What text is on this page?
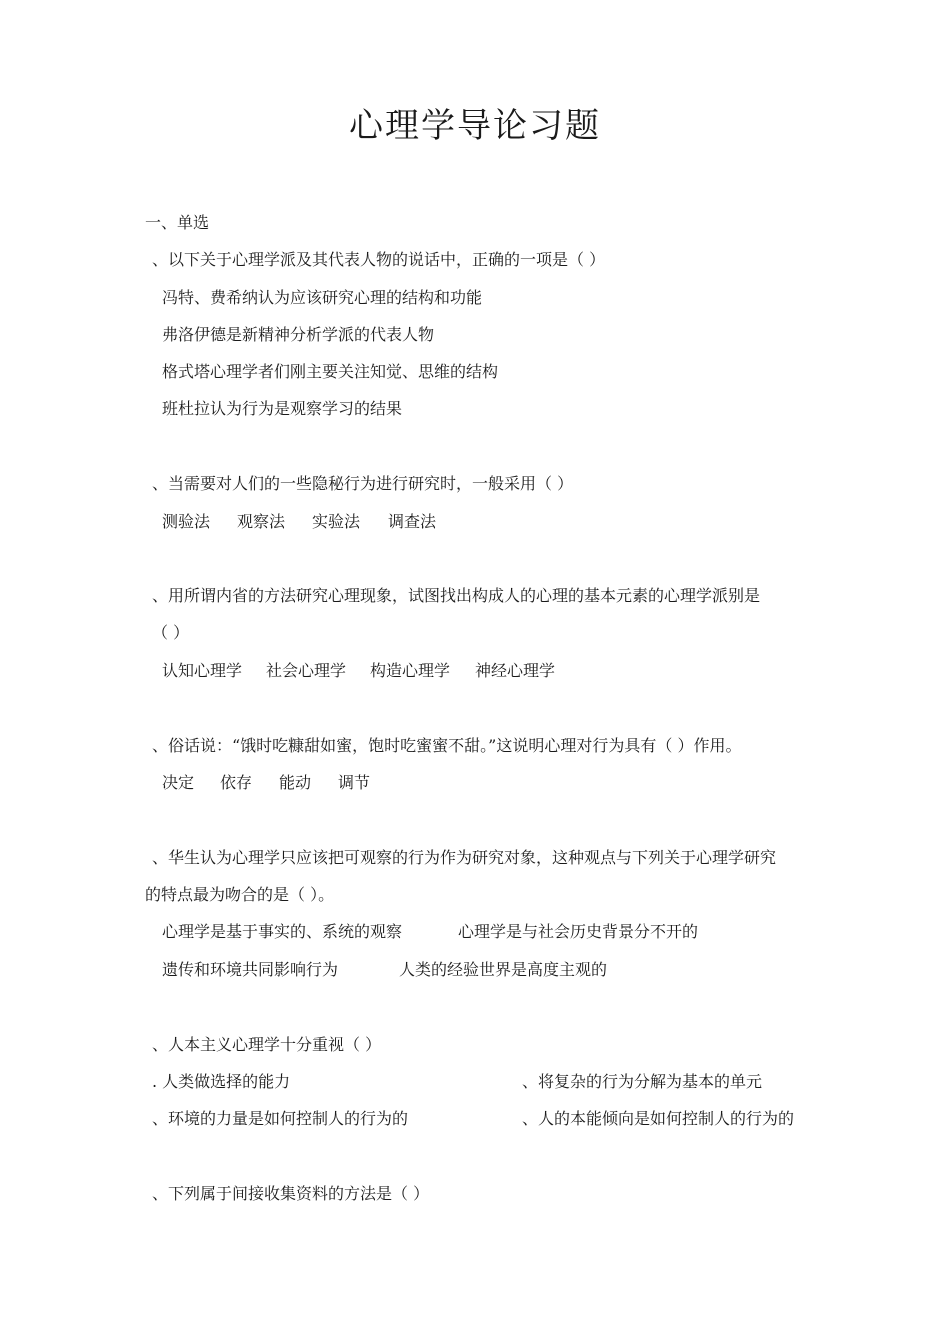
心理学导论习题
一、单选
、以下关于心理学派及其代表人物的说话中，正确的一项是（ ）
冯特、费希纳认为应该研究心理的结构和功能
弗洛伊德是新精神分析学派的代表人物
格式塔心理学者们刚主要关注知觉、思维的结构
班杜拉认为行为是观察学习的结果
、当需要对人们的一些隐秘行为进行研究时，一般采用（ ）
测验法 观察法 实验法 调查法
、用所谓内省的方法研究心理现象，试图找出构成人的心理的基本元素的心理学派别是
（ ）
认知心理学 社会心理学 构造心理学 神经心理学
、俗话说：“饿时吃糠甜如蜜，饱时吃蜜蜜不甜。”这说明心理对行为具有（ ）作用。
决定 依存 能动 调节
、华生认为心理学只应该把可观察的行为作为研究对象，这种观点与下列关于心理学研究
的特点最为吻合的是（ ）。
心理学是基于事实的、系统的观察	心理学是与社会历史背景分不开的
遗传和环境共同影响行为	人类的经验世界是高度主观的
、人本主义心理学十分重视（ ）
. 人类做选择的能力	、将复杂的行为分解为基本的单元
、环境的力量是如何控制人的行为的	、人的本能倾向是如何控制人的行为的
、下列属于间接收集资料的方法是（ ）
